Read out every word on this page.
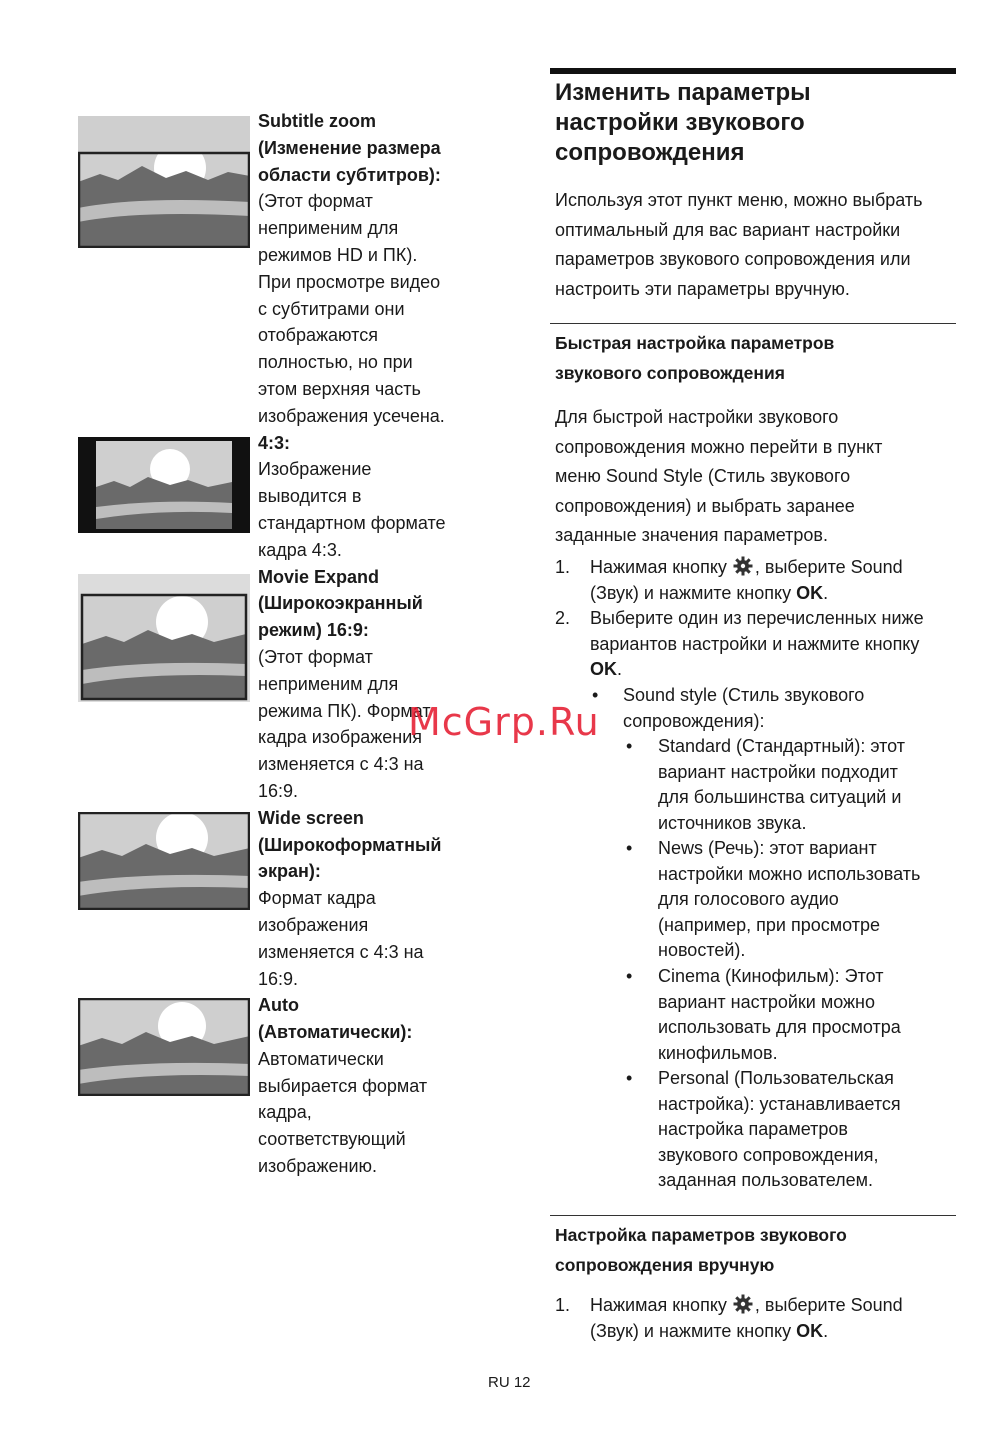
Subtitle zoom
(Изменение размера
области субтитров):
(Этот формат
неприменим для
режимов HD и ПК).
При просмотре видео
с субтитрами они
отображаются
полностью, но при
этом верхняя часть
изображения усечена.
4:3:
Изображение
выводится в
стандартном формате
кадра 4:3.
Movie Expand
(Широкоэкранный
режим) 16:9:
(Этот формат
неприменим для
режима ПК). Формат
кадра изображения
изменяется с 4:3 на
16:9.
Wide screen
(Широкоформатный
экран):
Формат кадра
изображения
изменяется с 4:3 на
16:9.
Auto
(Автоматически):
Автоматически
выбирается формат
кадра,
соответствующий
изображению.
Изменить параметры
настройки звукового
сопровождения
Используя этот пункт меню, можно выбрать
оптимальный для вас вариант настройки
параметров звукового сопровождения или
настроить эти параметры вручную.
Быстрая настройка параметров
звукового сопровождения
Для быстрой настройки звукового
сопровождения можно перейти в пункт
меню Sound Style (Стиль звукового
сопровождения) и выбрать заранее
заданные значения параметров.
1. Нажимая кнопку , выберите Sound
(Звук) и нажмите кнопку OK.
2. Выберите один из перечисленных ниже
вариантов настройки и нажмите кнопку
OK.
• Sound style (Стиль звукового
сопровождения):
• Standard (Стандартный): этот
вариант настройки подходит
для большинства ситуаций и
источников звука.
• News (Речь): этот вариант
настройки можно использовать
для голосового аудио
(например, при просмотре
новостей).
• Cinema (Кинофильм): Этот
вариант настройки можно
использовать для просмотра
кинофильмов.
• Personal (Пользовательская
настройка): устанавливается
настройка параметров
звукового сопровождения,
заданная пользователем.
Настройка параметров звукового
сопровождения вручную
1. Нажимая кнопку , выберите Sound
(Звук) и нажмите кнопку OK.
McGrp.Ru
RU 12
